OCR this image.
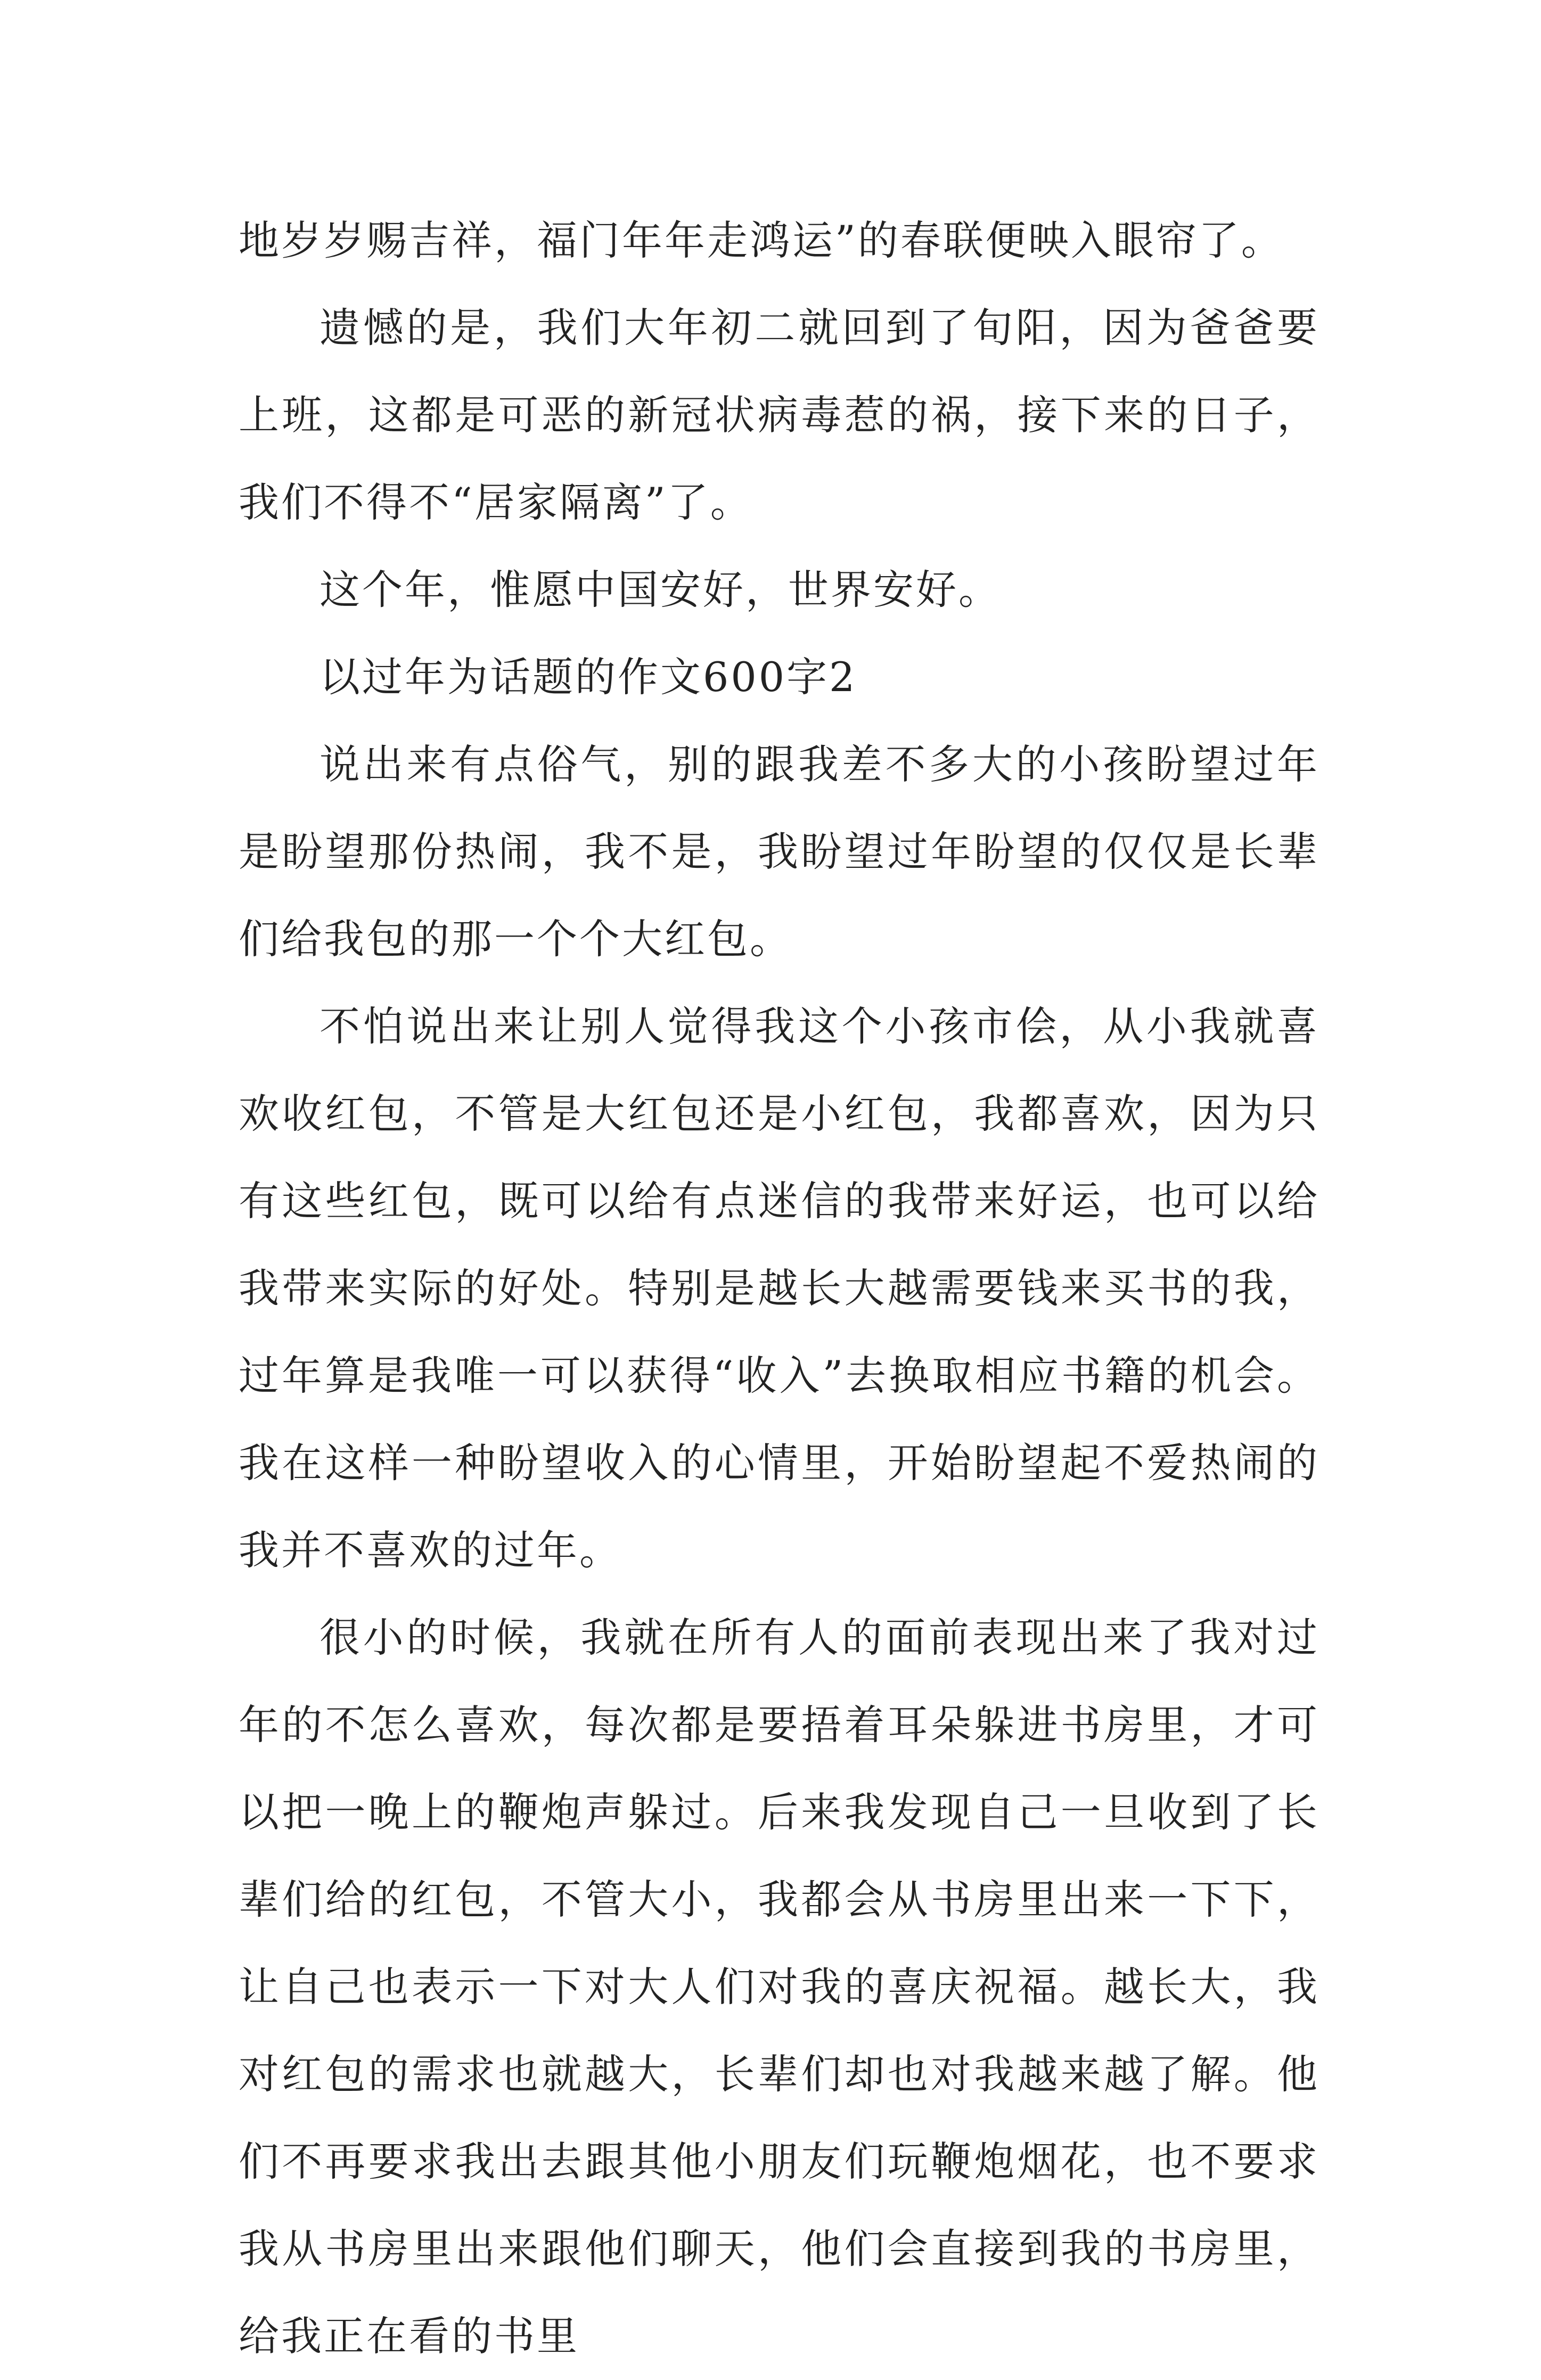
地岁岁赐吉祥，福门年年走鸿运”的春联便映入眼帘了。

遗憾的是，我们大年初二就回到了旬阳，因为爸爸要上班，这都是可恶的新冠状病毒惹的祸，接下来的日子，我们不得不“居家隔离”了。

这个年，惟愿中国安好，世界安好。

以过年为话题的作文600字2

说出来有点俗气，别的跟我差不多大的小孩盼望过年是盼望那份热闹，我不是，我盼望过年盼望的仅仅是长辈们给我包的那一个个大红包。

不怕说出来让别人觉得我这个小孩市侩，从小我就喜欢收红包，不管是大红包还是小红包，我都喜欢，因为只有这些红包，既可以给有点迷信的我带来好运，也可以给我带来实际的好处。特别是越长大越需要钱来买书的我，过年算是我唯一可以获得“收入”去换取相应书籍的机会。我在这样一种盼望收入的心情里，开始盼望起不爱热闹的我并不喜欢的过年。

很小的时候，我就在所有人的面前表现出来了我对过年的不怎么喜欢，每次都是要捂着耳朵躲进书房里，才可以把一晚上的鞭炮声躲过。后来我发现自己一旦收到了长辈们给的红包，不管大小，我都会从书房里出来一下下，让自己也表示一下对大人们对我的喜庆祝福。越长大，我对红包的需求也就越大，长辈们却也对我越来越了解。他们不再要求我出去跟其他小朋友们玩鞭炮烟花，也不要求我从书房里出来跟他们聊天，他们会直接到我的书房里，给我正在看的书里
